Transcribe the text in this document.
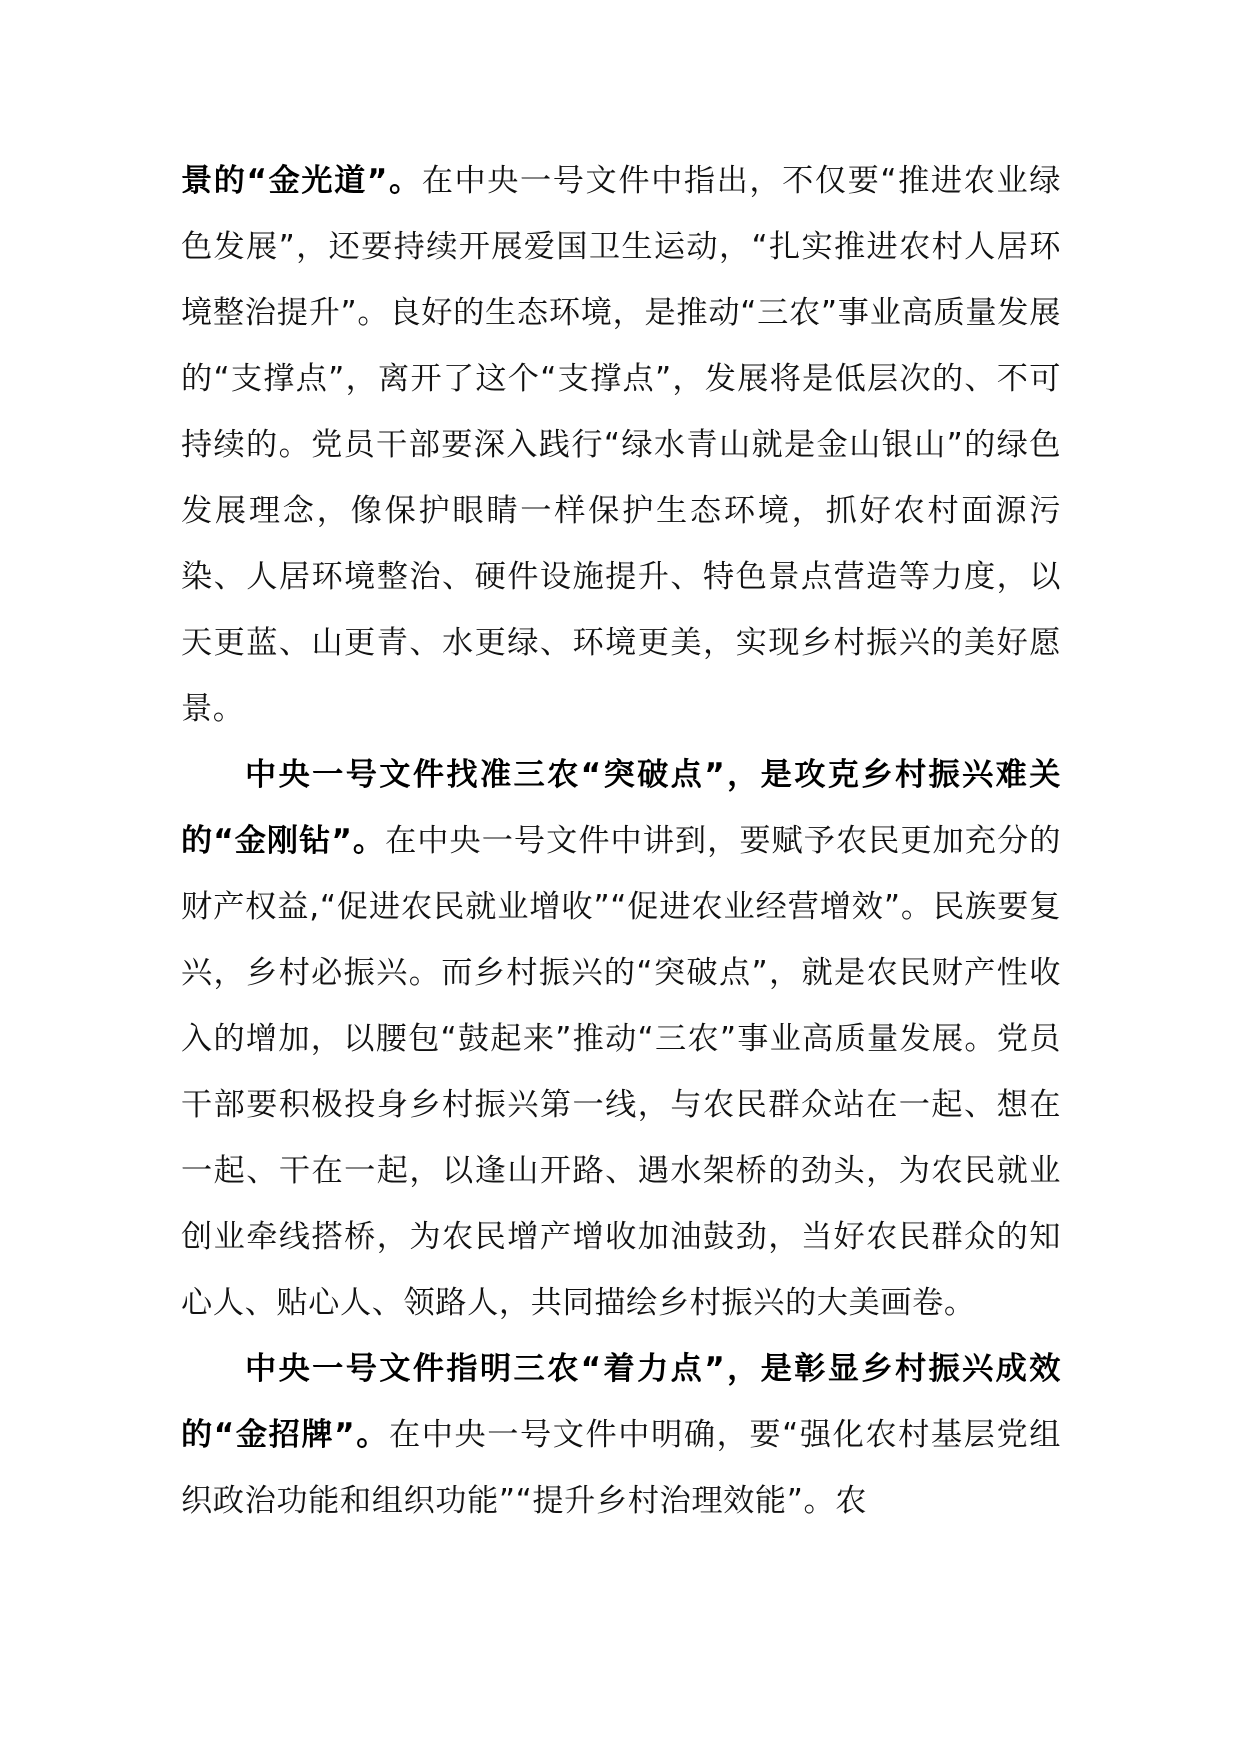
景的“金光道”。在中央一号文件中指出，不仅要“推进农业绿色发展”，还要持续开展爱国卫生运动，“扎实推进农村人居环境整治提升”。良好的生态环境，是推动“三农”事业高质量发展的“支撑点”，离开了这个“支撑点”，发展将是低层次的、不可持续的。党员干部要深入践行“绿水青山就是金山银山”的绿色发展理念，像保护眼睛一样保护生态环境，抓好农村面源污染、人居环境整治、硬件设施提升、特色景点营造等力度，以天更蓝、山更青、水更绿、环境更美，实现乡村振兴的美好愿景。

中央一号文件找准三农“突破点”，是攻克乡村振兴难关的“金刚钻”。在中央一号文件中讲到，要赋予农民更加充分的财产权益,“促进农民就业增收”“促进农业经营增效”。民族要复兴，乡村必振兴。而乡村振兴的“突破点”，就是农民财产性收入的增加，以腰包“鼓起来”推动“三农”事业高质量发展。党员干部要积极投身乡村振兴第一线，与农民群众站在一起、想在一起、干在一起，以逢山开路、遇水架桥的劲头，为农民就业创业牵线搭桥，为农民增产增收加油鼓劲，当好农民群众的知心人、贴心人、领路人，共同描绘乡村振兴的大美画卷。

中央一号文件指明三农“着力点”，是彰显乡村振兴成效的“金招牌”。在中央一号文件中明确，要“强化农村基层党组织政治功能和组织功能”“提升乡村治理效能”。农
